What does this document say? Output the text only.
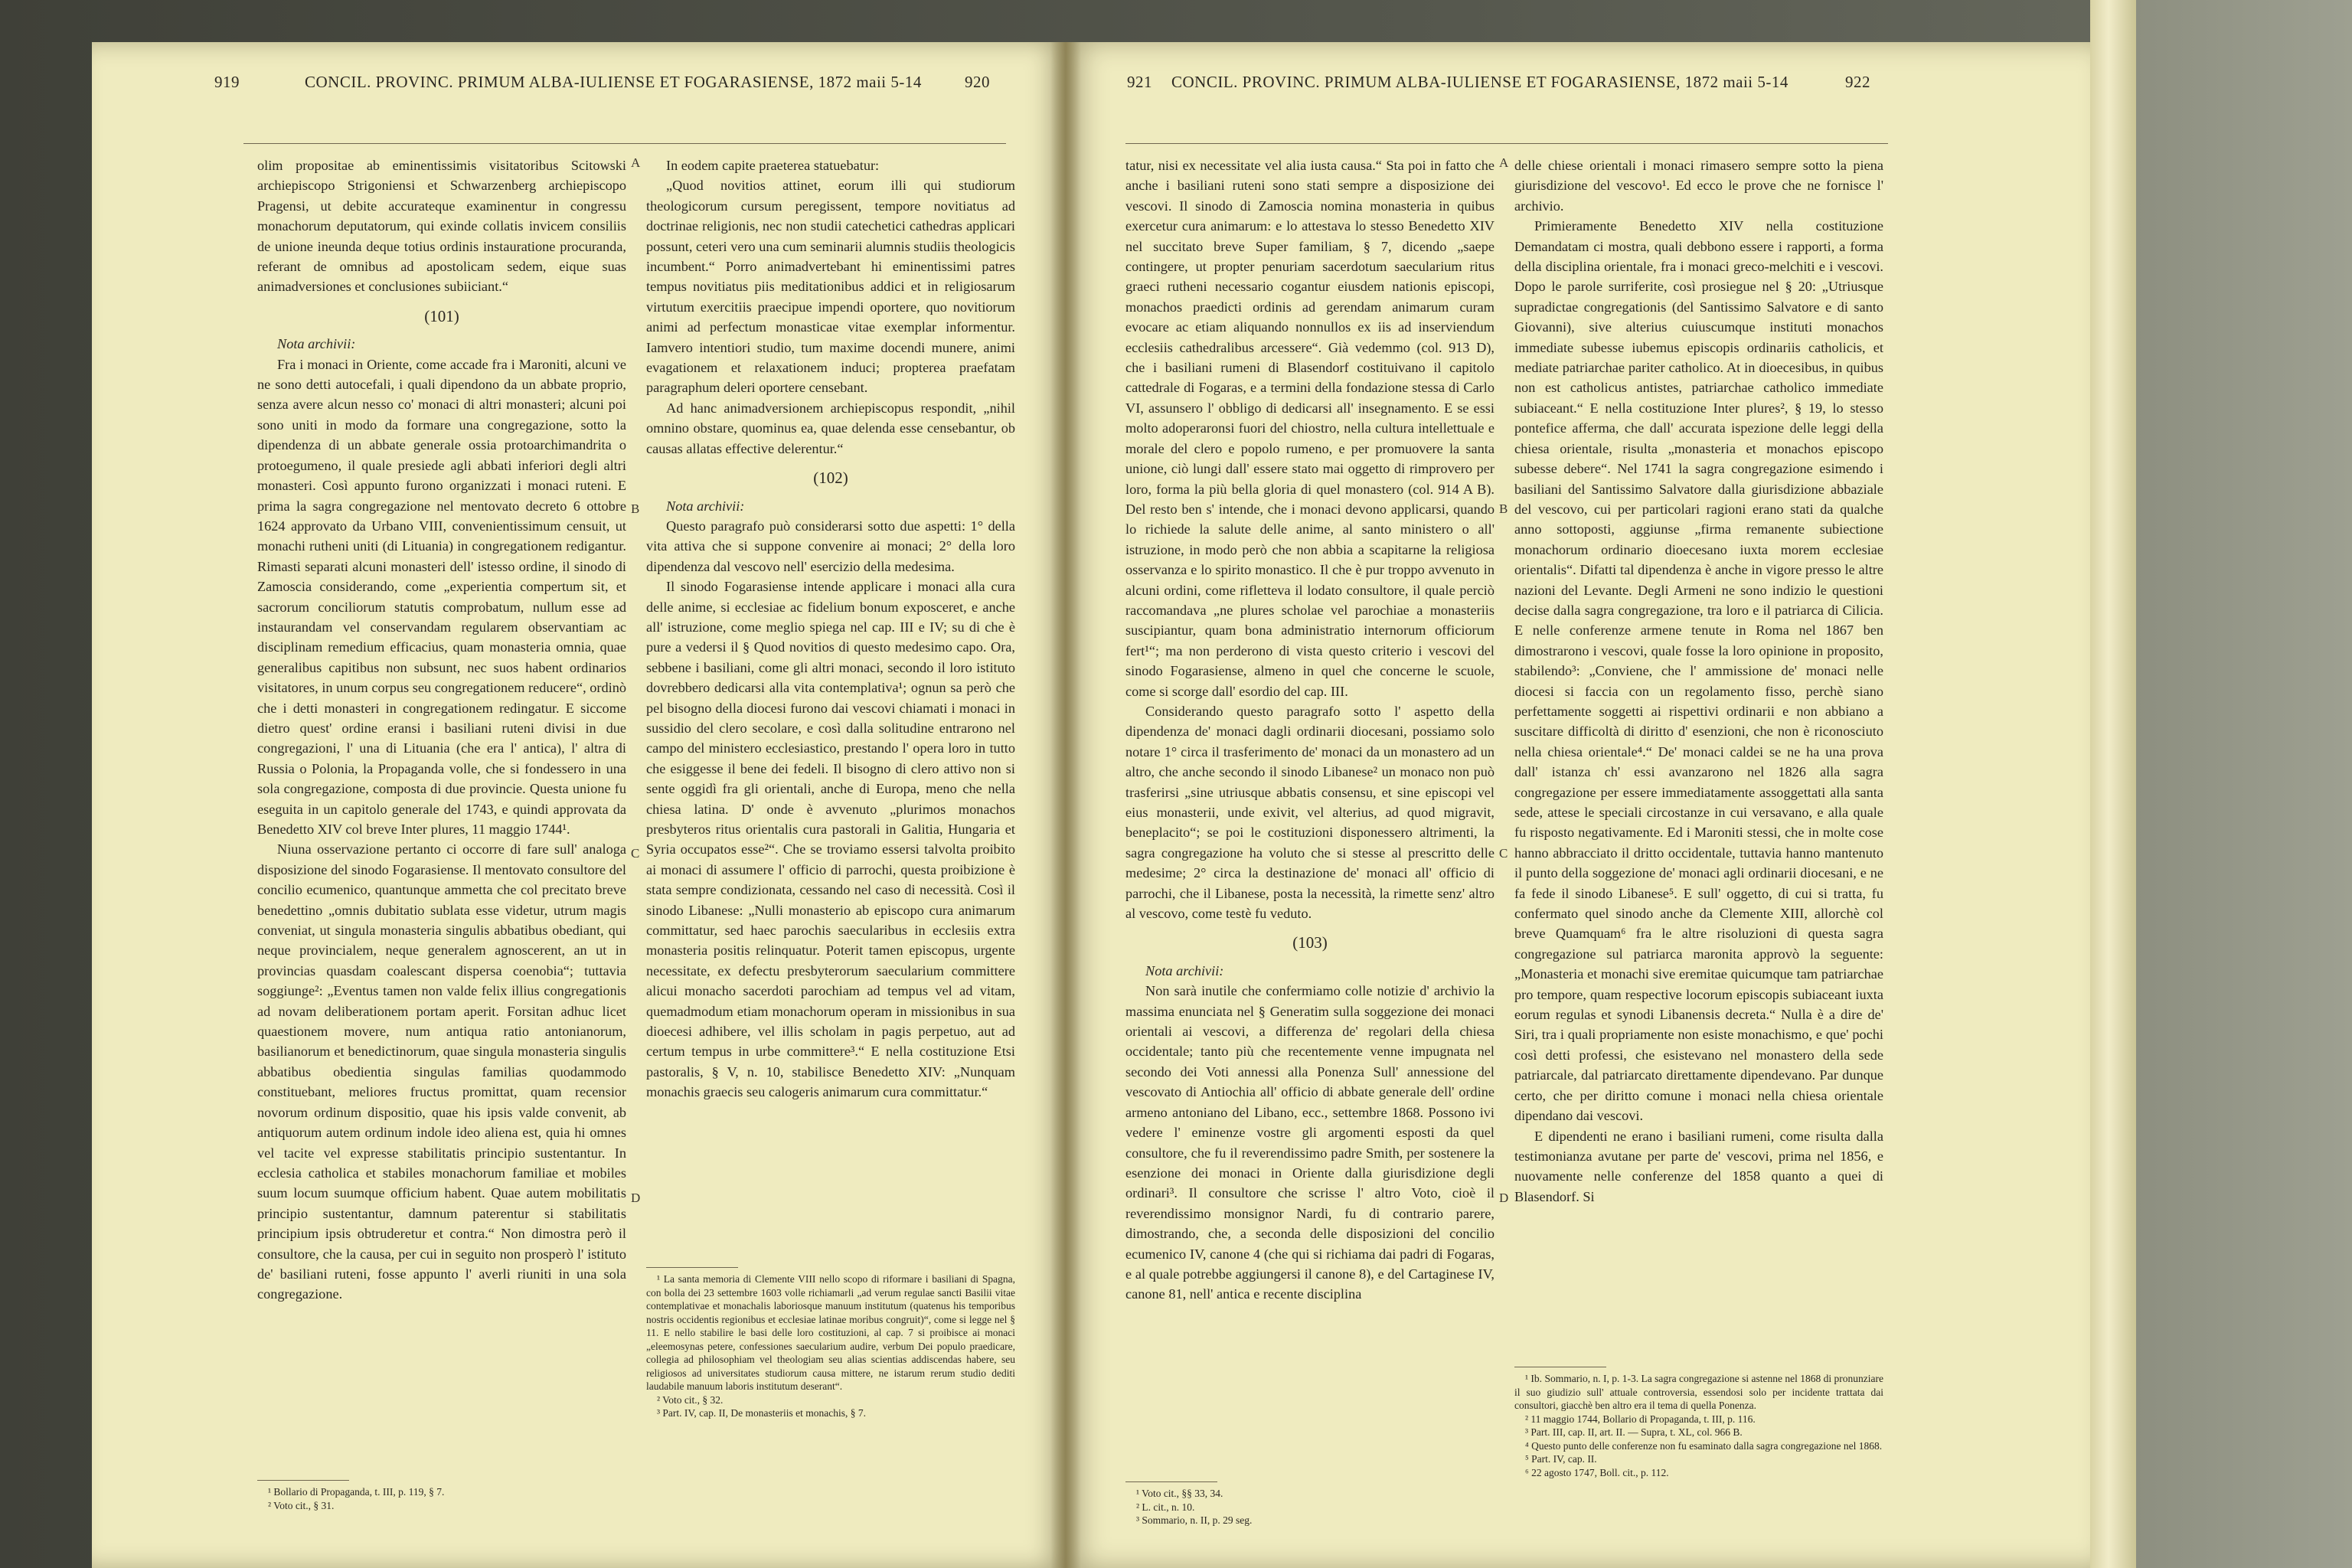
919	CONCIL. PROVINC. PRIMUM ALBA-IULIENSE ET FOGARASIENSE, 1872 maii 5-14	920

olim propositae ab eminentissimis visitatoribus Scitowski archiepiscopo Strigoniensi et Schwarzenberg archiepiscopo Pragensi, ut debite accurateque examinentur in congressu monachorum deputatorum, qui exinde collatis invicem consiliis de unione ineunda deque totius ordinis instauratione procuranda, referant de omnibus ad apostolicam sedem, eique suas animadversiones et conclusiones subiiciant.“

(101)
Nota archivii:

Fra i monaci in Oriente, come accade fra i Maroniti, alcuni ve ne sono detti autocefali, i quali dipendono da un abbate proprio, senza avere alcun nesso co' monaci di altri monasteri; alcuni poi sono uniti in modo da formare una congregazione, sotto la dipendenza di un abbate generale ossia protoarchimandrita o protoegumeno, il quale presiede agli abbati inferiori degli altri monasteri. Così appunto furono organizzati i monaci ruteni. E prima la sagra congregazione nel mentovato decreto 6 ottobre 1624 approvato da Urbano VIII, convenientissimum censuit, ut monachi rutheni uniti (di Lituania) in congregationem redigantur. Rimasti separati alcuni monasteri dell' istesso ordine, il sinodo di Zamoscia considerando, come „experientia compertum sit, et sacrorum conciliorum statutis comprobatum, nullum esse ad instaurandam vel conservandam regularem observantiam ac disciplinam remedium efficacius, quam monasteria omnia, quae generalibus capitibus non subsunt, nec suos habent ordinarios visitatores, in unum corpus seu congregationem reducere“, ordinò che i detti monasteri in congregationem redingatur. E siccome dietro quest' ordine eransi i basiliani ruteni divisi in due congregazioni, l' una di Lituania (che era l' antica), l' altra di Russia o Polonia, la Propaganda volle, che si fondessero in una sola congregazione, composta di due provincie. Questa unione fu eseguita in un capitolo generale del 1743, e quindi approvata da Benedetto XIV col breve Inter plures, 11 maggio 1744¹.

Niuna osservazione pertanto ci occorre di fare sull' analoga disposizione del sinodo Fogarasiense. Il mentovato consultore del concilio ecumenico, quantunque ammetta che col precitato breve benedettino „omnis dubitatio sublata esse videtur, utrum magis conveniat, ut singula monasteria singulis abbatibus obediant, qui neque provincialem, neque generalem agnoscerent, an ut in provincias quasdam coalescant dispersa coenobia“; tuttavia soggiunge²: „Eventus tamen non valde felix illius congregationis ad novam deliberationem portam aperit. Forsitan adhuc licet quaestionem movere, num antiqua ratio antonianorum, basilianorum et benedictinorum, quae singula monasteria singulis abbatibus obedientia singulas familias quodammodo constituebant, meliores fructus promittat, quam recensior novorum ordinum dispositio, quae his ipsis valde convenit, ab antiquorum autem ordinum indole ideo aliena est, quia hi omnes vel tacite vel expresse stabilitatis principio sustentantur. In ecclesia catholica et stabiles monachorum familiae et mobiles suum locum suumque officium habent. Quae autem mobilitatis principio sustentantur, damnum paterentur si stabilitatis principium ipsis obtruderetur et contra.“ Non dimostra però il consultore, che la causa, per cui in seguito non prosperò l' istituto de' basiliani ruteni, fosse appunto l' averli riuniti in una sola congregazione.

¹ Bollario di Propaganda, t. III, p. 119, § 7.

² Voto cit., § 31.

In eodem capite praeterea statuebatur:

„Quod novitios attinet, eorum illi qui studiorum theologicorum cursum peregissent, tempore novitiatus ad doctrinae religionis, nec non studii catechetici cathedras applicari possunt, ceteri vero una cum seminarii alumnis studiis theologicis incumbent.“ Porro animadvertebant hi eminentissimi patres tempus novitiatus piis meditationibus addici et in religiosarum virtutum exercitiis praecipue impendi oportere, quo novitiorum animi ad perfectum monasticae vitae exemplar informentur. Iamvero intentiori studio, tum maxime docendi munere, animi evagationem et relaxationem induci; propterea praefatam paragraphum deleri oportere censebant.

Ad hanc animadversionem archiepiscopus respondit, „nihil omnino obstare, quominus ea, quae delenda esse censebantur, ob causas allatas effective delerentur.“

(102)
Nota archivii:

Questo paragrafo può considerarsi sotto due aspetti: 1° della vita attiva che si suppone convenire ai monaci; 2° della loro dipendenza dal vescovo nell' esercizio della medesima.

Il sinodo Fogarasiense intende applicare i monaci alla cura delle anime, si ecclesiae ac fidelium bonum exposceret, e anche all' istruzione, come meglio spiega nel cap. III e IV; su di che è pure a vedersi il § Quod novitios di questo medesimo capo. Ora, sebbene i basiliani, come gli altri monaci, secondo il loro istituto dovrebbero dedicarsi alla vita contemplativa¹; ognun sa però che pel bisogno della diocesi furono dai vescovi chiamati i monaci in sussidio del clero secolare, e così dalla solitudine entrarono nel campo del ministero ecclesiastico, prestando l' opera loro in tutto che esiggesse il bene dei fedeli. Il bisogno di clero attivo non si sente oggidì fra gli orientali, anche di Europa, meno che nella chiesa latina. D' onde è avvenuto „plurimos monachos presbyteros ritus orientalis cura pastorali in Galitia, Hungaria et Syria occupatos esse²“. Che se troviamo essersi talvolta proibito ai monaci di assumere l' officio di parrochi, questa proibizione è stata sempre condizionata, cessando nel caso di necessità. Così il sinodo Libanese: „Nulli monasterio ab episcopo cura animarum committatur, sed haec parochis saecularibus in ecclesiis extra monasteria positis relinquatur. Poterit tamen episcopus, urgente necessitate, ex defectu presbyterorum saecularium committere alicui monacho sacerdoti parochiam ad tempus vel ad vitam, quemadmodum etiam monachorum operam in missionibus in sua dioecesi adhibere, vel illis scholam in pagis perpetuo, aut ad certum tempus in urbe committere³.“ E nella costituzione Etsi pastoralis, § V, n. 10, stabilisce Benedetto XIV: „Nunquam monachis graecis seu calogeris animarum cura committatur.“

¹ La santa memoria di Clemente VIII nello scopo di riformare i basiliani di Spagna, con bolla dei 23 settembre 1603 volle richiamarli „ad verum regulae sancti Basilii vitae contemplativae et monachalis laboriosque manuum institutum (quatenus his temporibus nostris occidentis regionibus et ecclesiae latinae moribus congruit)“, come si legge nel § 11. E nello stabilire le basi delle loro costituzioni, al cap. 7 si proibisce ai monaci „eleemosynas petere, confessiones saecularium audire, verbum Dei populo praedicare, collegia ad philosophiam vel theologiam seu alias scientias addiscendas habere, seu religiosos ad universitates studiorum causa mittere, ne istarum rerum studio dediti laudabile manuum laboris institutum deserant“.

² Voto cit., § 32.

³ Part. IV, cap. II, De monasteriis et monachis, § 7.

A
B
C
D
921 CONCIL. PROVINC. PRIMUM ALBA-IULIENSE ET FOGARASIENSE, 1872 maii 5-14	922

tatur, nisi ex necessitate vel alia iusta causa.“ Sta poi in fatto che anche i basiliani ruteni sono stati sempre a disposizione dei vescovi. Il sinodo di Zamoscia nomina monasteria in quibus exercetur cura animarum: e lo attestava lo stesso Benedetto XIV nel succitato breve Super familiam, § 7, dicendo „saepe contingere, ut propter penuriam sacerdotum saecularium ritus graeci rutheni necessario cogantur eiusdem nationis episcopi, monachos praedicti ordinis ad gerendam animarum curam evocare ac etiam aliquando nonnullos ex iis ad inserviendum ecclesiis cathedralibus arcessere“. Già vedemmo (col. 913 D), che i basiliani rumeni di Blasendorf costituivano il capitolo cattedrale di Fogaras, e a termini della fondazione stessa di Carlo VI, assunsero l' obbligo di dedicarsi all' insegnamento. E se essi molto adoperaronsi fuori del chiostro, nella cultura intellettuale e morale del clero e popolo rumeno, e per promuovere la santa unione, ciò lungi dall' essere stato mai oggetto di rimprovero per loro, forma la più bella gloria di quel monastero (col. 914 A B). Del resto ben s' intende, che i monaci devono applicarsi, quando lo richiede la salute delle anime, al santo ministero o all' istruzione, in modo però che non abbia a scapitarne la religiosa osservanza e lo spirito monastico. Il che è pur troppo avvenuto in alcuni ordini, come rifletteva il lodato consultore, il quale perciò raccomandava „ne plures scholae vel parochiae a monasteriis suscipiantur, quam bona administratio internorum officiorum fert¹“; ma non perderono di vista questo criterio i vescovi del sinodo Fogarasiense, almeno in quel che concerne le scuole, come si scorge dall' esordio del cap. III.

Considerando questo paragrafo sotto l' aspetto della dipendenza de' monaci dagli ordinarii diocesani, possiamo solo notare 1° circa il trasferimento de' monaci da un monastero ad un altro, che anche secondo il sinodo Libanese² un monaco non può trasferirsi „sine utriusque abbatis consensu, et sine episcopi vel eius monasterii, unde exivit, vel alterius, ad quod migravit, beneplacito“; se poi le costituzioni disponessero altrimenti, la sagra congregazione ha voluto che si stesse al prescritto delle medesime; 2° circa la destinazione de' monaci all' officio di parrochi, che il Libanese, posta la necessità, la rimette senz' altro al vescovo, come testè fu veduto.

(103)
Nota archivii:

Non sarà inutile che confermiamo colle notizie d' archivio la massima enunciata nel § Generatim sulla soggezione dei monaci orientali ai vescovi, a differenza de' regolari della chiesa occidentale; tanto più che recentemente venne impugnata nel secondo dei Voti annessi alla Ponenza Sull' annessione del vescovato di Antiochia all' officio di abbate generale dell' ordine armeno antoniano del Libano, ecc., settembre 1868. Possono ivi vedere l' eminenze vostre gli argomenti esposti da quel consultore, che fu il reverendissimo padre Smith, per sostenere la esenzione dei monaci in Oriente dalla giurisdizione degli ordinari³. Il consultore che scrisse l' altro Voto, cioè il reverendissimo monsignor Nardi, fu di contrario parere, dimostrando, che, a seconda delle disposizioni del concilio ecumenico IV, canone 4 (che qui si richiama dai padri di Fogaras, e al quale potrebbe aggiungersi il canone 8), e del Cartaginese IV, canone 81, nell' antica e recente disciplina

¹ Voto cit., §§ 33, 34.

² L. cit., n. 10.

³ Sommario, n. II, p. 29 seg.

delle chiese orientali i monaci rimasero sempre sotto la piena giurisdizione del vescovo¹. Ed ecco le prove che ne fornisce l' archivio.

Primieramente Benedetto XIV nella costituzione Demandatam ci mostra, quali debbono essere i rapporti, a forma della disciplina orientale, fra i monaci greco-melchiti e i vescovi. Dopo le parole surriferite, così prosiegue nel § 20: „Utriusque supradictae congregationis (del Santissimo Salvatore e di santo Giovanni), sive alterius cuiuscumque instituti monachos immediate subesse iubemus episcopis ordinariis catholicis, et mediate patriarchae pariter catholico. At in dioecesibus, in quibus non est catholicus antistes, patriarchae catholico immediate subiaceant.“ E nella costituzione Inter plures², § 19, lo stesso pontefice afferma, che dall' accurata ispezione delle leggi della chiesa orientale, risulta „monasteria et monachos episcopo subesse debere“. Nel 1741 la sagra congregazione esimendo i basiliani del Santissimo Salvatore dalla giurisdizione abbaziale del vescovo, cui per particolari ragioni erano stati da qualche anno sottoposti, aggiunse „firma remanente subiectione monachorum ordinario dioecesano iuxta morem ecclesiae orientalis“. Difatti tal dipendenza è anche in vigore presso le altre nazioni del Levante. Degli Armeni ne sono indizio le questioni decise dalla sagra congregazione, tra loro e il patriarca di Cilicia. E nelle conferenze armene tenute in Roma nel 1867 ben dimostrarono i vescovi, quale fosse la loro opinione in proposito, stabilendo³: „Conviene, che l' ammissione de' monaci nelle diocesi si faccia con un regolamento fisso, perchè siano perfettamente soggetti ai rispettivi ordinarii e non abbiano a suscitare difficoltà di diritto d' esenzioni, che non è riconosciuto nella chiesa orientale⁴.“ De' monaci caldei se ne ha una prova dall' istanza ch' essi avanzarono nel 1826 alla sagra congregazione per essere immediatamente assoggettati alla santa sede, attese le speciali circostanze in cui versavano, e alla quale fu risposto negativamente. Ed i Maroniti stessi, che in molte cose hanno abbracciato il dritto occidentale, tuttavia hanno mantenuto il punto della soggezione de' monaci agli ordinarii diocesani, e ne fa fede il sinodo Libanese⁵. E sull' oggetto, di cui si tratta, fu confermato quel sinodo anche da Clemente XIII, allorchè col breve Quamquam⁶ fra le altre risoluzioni di questa sagra congregazione sul patriarca maronita approvò la seguente: „Monasteria et monachi sive eremitae quicumque tam patriarchae pro tempore, quam respective locorum episcopis subiaceant iuxta eorum regulas et synodi Libanensis decreta.“ Nulla è a dire de' Siri, tra i quali propriamente non esiste monachismo, e que' pochi così detti professi, che esistevano nel monastero della sede patriarcale, dal patriarcato direttamente dipendevano. Par dunque certo, che per diritto comune i monaci nella chiesa orientale dipendano dai vescovi.

E dipendenti ne erano i basiliani rumeni, come risulta dalla testimonianza avutane per parte de' vescovi, prima nel 1856, e nuovamente nelle conferenze del 1858 quanto a quei di Blasendorf. Si

¹ Ib. Sommario, n. I, p. 1-3. La sagra congregazione si astenne nel 1868 di pronunziare il suo giudizio sull' attuale controversia, essendosi solo per incidente trattata dai consultori, giacchè ben altro era il tema di quella Ponenza.

² 11 maggio 1744, Bollario di Propaganda, t. III, p. 116.

³ Part. III, cap. II, art. II. — Supra, t. XL, col. 966 B.

⁴ Questo punto delle conferenze non fu esaminato dalla sagra congregazione nel 1868.

⁵ Part. IV, cap. II.

⁶ 22 agosto 1747, Boll. cit., p. 112.

A
B
C
D
